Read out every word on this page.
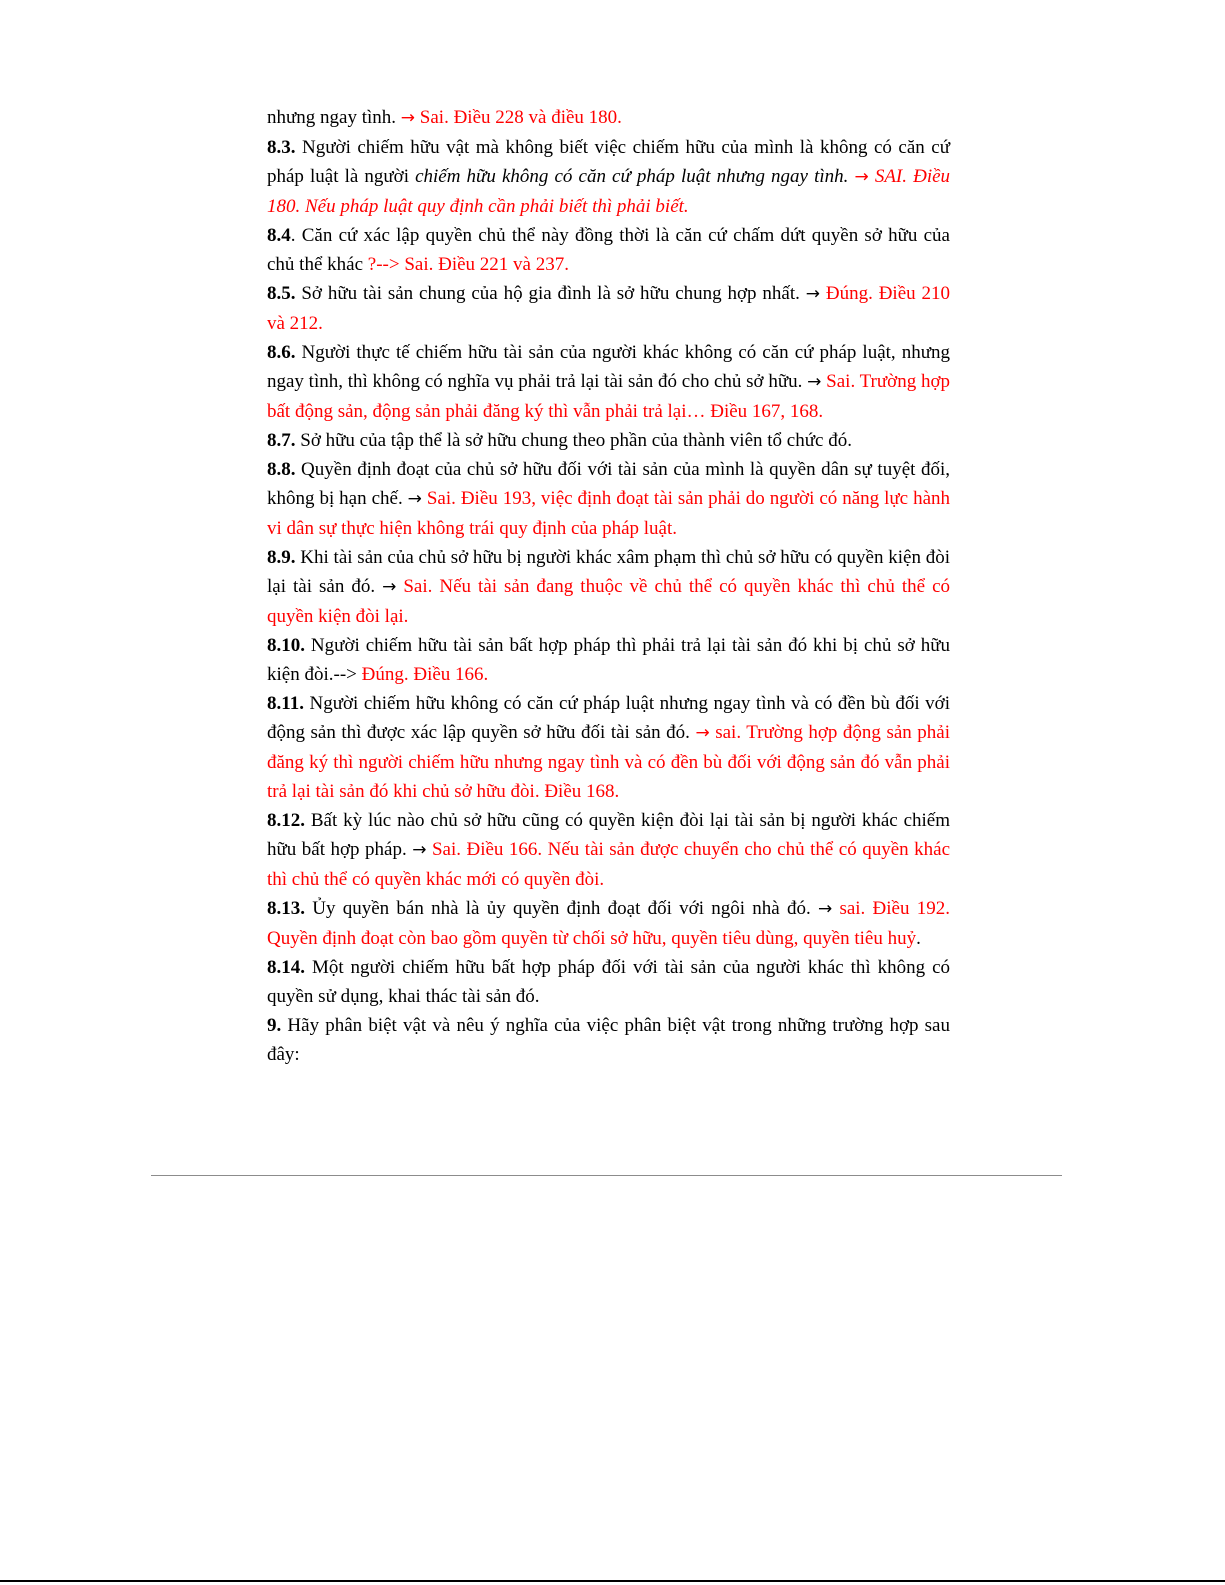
nhưng ngay tình. → Sai. Điều 228 và điều 180.

8.3. Người chiếm hữu vật mà không biết việc chiếm hữu của mình là không có căn cứ pháp luật là người chiếm hữu không có căn cứ pháp luật nhưng ngay tình. → SAI. Điều 180. Nếu pháp luật quy định cần phải biết thì phải biết.

8.4. Căn cứ xác lập quyền chủ thể này đồng thời là căn cứ chấm dứt quyền sở hữu của chủ thể khác ?--> Sai. Điều 221 và 237.

8.5. Sở hữu tài sản chung của hộ gia đình là sở hữu chung hợp nhất. → Đúng. Điều 210 và 212.

8.6. Người thực tế chiếm hữu tài sản của người khác không có căn cứ pháp luật, nhưng ngay tình, thì không có nghĩa vụ phải trả lại tài sản đó cho chủ sở hữu. → Sai. Trường hợp bất động sản, động sản phải đăng ký thì vẫn phải trả lại… Điều 167, 168.

8.7. Sở hữu của tập thể là sở hữu chung theo phần của thành viên tổ chức đó.

8.8. Quyền định đoạt của chủ sở hữu đối với tài sản của mình là quyền dân sự tuyệt đối, không bị hạn chế. → Sai. Điều 193, việc định đoạt tài sản phải do người có năng lực hành vi dân sự thực hiện không trái quy định của pháp luật.

8.9. Khi tài sản của chủ sở hữu bị người khác xâm phạm thì chủ sở hữu có quyền kiện đòi lại tài sản đó. → Sai. Nếu tài sản đang thuộc về chủ thể có quyền khác thì chủ thể có quyền kiện đòi lại.

8.10. Người chiếm hữu tài sản bất hợp pháp thì phải trả lại tài sản đó khi bị chủ sở hữu kiện đòi.--> Đúng. Điều 166.

8.11. Người chiếm hữu không có căn cứ pháp luật nhưng ngay tình và có đền bù đối với động sản thì được xác lập quyền sở hữu đối tài sản đó. → sai. Trường hợp động sản phải đăng ký thì người chiếm hữu nhưng ngay tình và có đền bù đối với động sản đó vẫn phải trả lại tài sản đó khi chủ sở hữu đòi. Điều 168.

8.12. Bất kỳ lúc nào chủ sở hữu cũng có quyền kiện đòi lại tài sản bị người khác chiếm hữu bất hợp pháp. → Sai. Điều 166. Nếu tài sản được chuyển cho chủ thể có quyền khác thì chủ thể có quyền khác mới có quyền đòi.

8.13. Ủy quyền bán nhà là ủy quyền định đoạt đối với ngôi nhà đó. → sai. Điều 192. Quyền định đoạt còn bao gồm quyền từ chối sở hữu, quyền tiêu dùng, quyền tiêu huỷ.

8.14. Một người chiếm hữu bất hợp pháp đối với tài sản của người khác thì không có quyền sử dụng, khai thác tài sản đó.

9. Hãy phân biệt vật và nêu ý nghĩa của việc phân biệt vật trong những trường hợp sau đây:
